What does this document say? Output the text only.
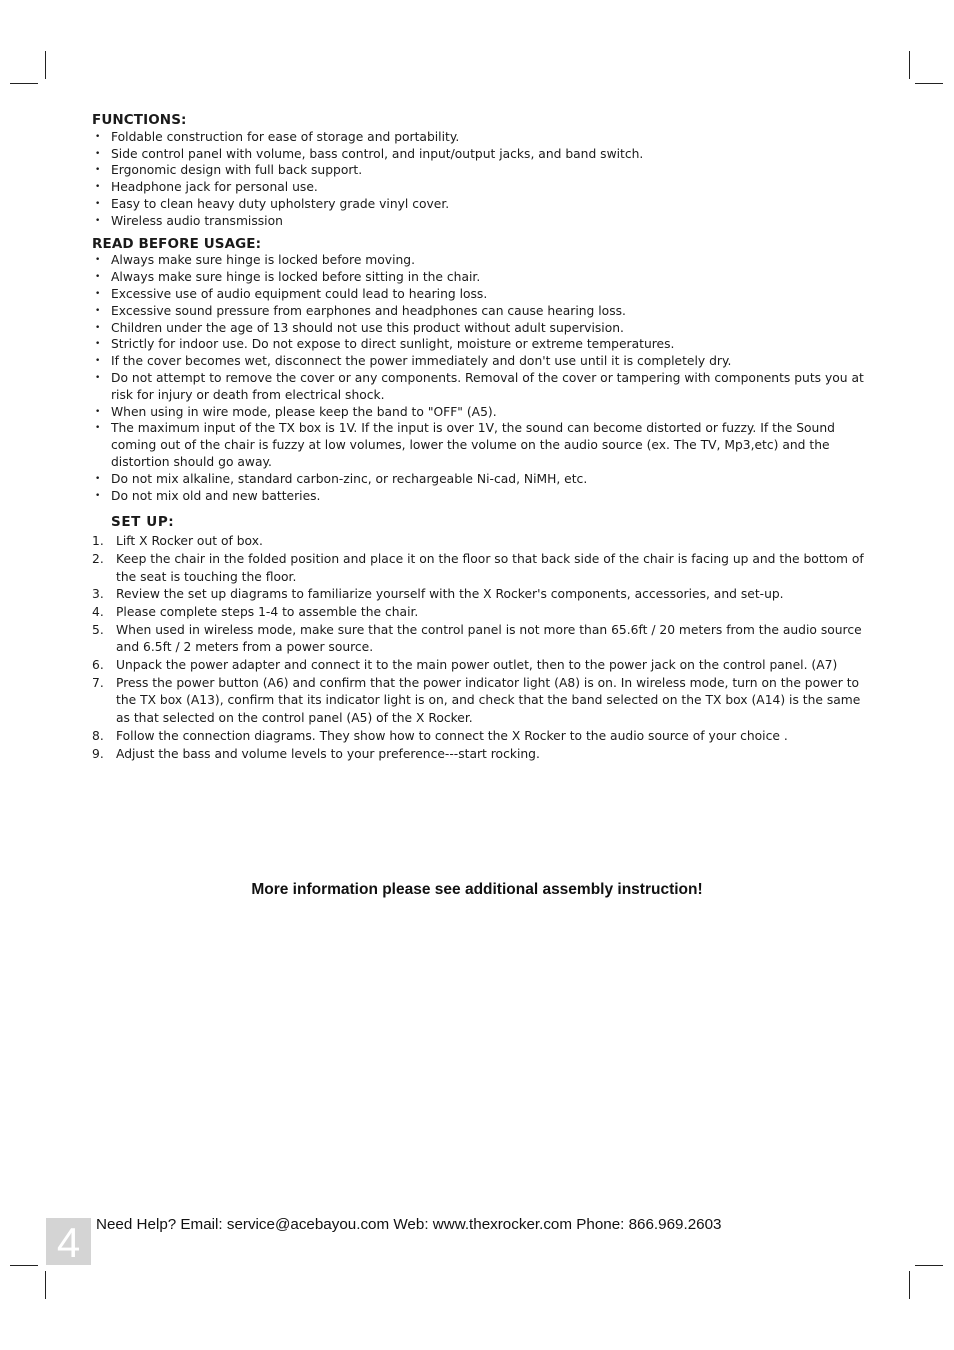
FUNCTIONS:
• Foldable construction for ease of storage and portability.
• Side control panel with volume, bass control, and input/output jacks, and band switch.
• Ergonomic design with full back support.
• Headphone jack for personal use.
• Easy to clean heavy duty upholstery grade vinyl cover.
• Wireless audio transmission
READ BEFORE USAGE:
• Always make sure hinge is locked before moving.
• Always make sure hinge is locked before sitting in the chair.
• Excessive use of audio equipment could lead to hearing loss.
• Excessive sound pressure from earphones and headphones can cause hearing loss.
• Children under the age of 13 should not use this product without adult supervision.
• Strictly for indoor use. Do not expose to direct sunlight, moisture or extreme temperatures.
• If the cover becomes wet, disconnect the power immediately and don't use until it is completely dry.
• Do not attempt to remove the cover or any components. Removal of the cover or tampering with components puts you at risk for injury or death from electrical shock.
• When using in wire mode, please keep the band to "OFF" (A5).
• The maximum input of the TX box is 1V. If the input is over 1V, the sound can become distorted or fuzzy. If the Sound coming out of the chair is fuzzy at low volumes, lower the volume on the audio source (ex. The TV, Mp3,etc) and the distortion should go away.
• Do not mix alkaline, standard carbon-zinc, or rechargeable Ni-cad, NiMH, etc.
• Do not mix old and new batteries.
SET UP:
1. Lift X Rocker out of box.
2. Keep the chair in the folded position and place it on the floor so that back side of the chair is facing up and the bottom of the seat is touching the floor.
3. Review the set up diagrams to familiarize yourself with the X Rocker's components, accessories, and set-up.
4. Please complete steps 1-4 to assemble the chair.
5. When used in wireless mode, make sure that the control panel is not more than 65.6ft / 20 meters from the audio source and 6.5ft / 2 meters from a power source.
6. Unpack the power adapter and connect it to the main power outlet, then to the power jack on the control panel. (A7)
7. Press the power button (A6) and confirm that the power indicator light (A8) is on. In wireless mode, turn on the power to the TX box (A13), confirm that its indicator light is on, and check that the band selected on the TX box (A14) is the same as that selected on the control panel (A5) of the X Rocker.
8. Follow the connection diagrams. They show how to connect the X Rocker to the audio source of your choice .
9. Adjust the bass and volume levels to your preference---start rocking.
More information please see additional assembly instruction!
4	Need Help? Email: service@acebayou.com Web: www.thexrocker.com Phone: 866.969.2603
